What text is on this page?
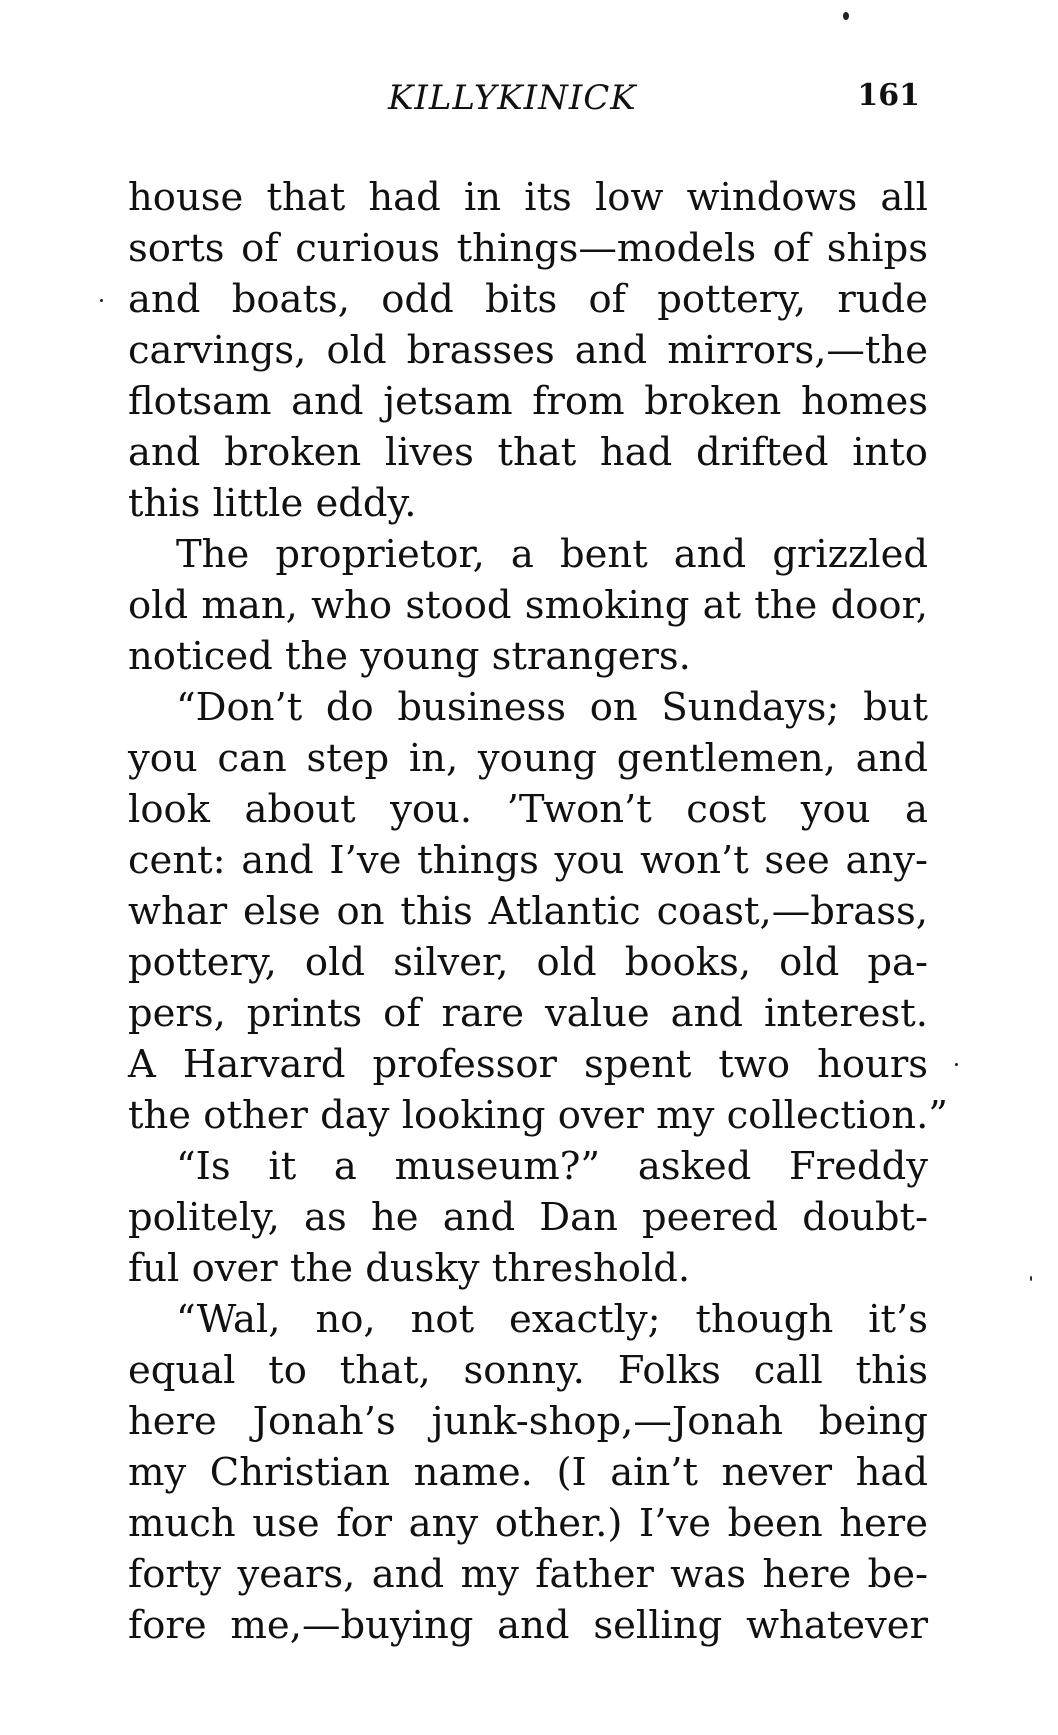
KILLYKINICK	161
house that had in its low windows all
sorts of curious things—models of ships
and boats, odd bits of pottery, rude
carvings, old brasses and mirrors,—the
flotsam and jetsam from broken homes
and broken lives that had drifted into
this little eddy.
The proprietor, a bent and grizzled
old man, who stood smoking at the door,
noticed the young strangers.
“Don’t do business on Sundays; but
you can step in, young gentlemen, and
look about you. ’Twon’t cost you a
cent: and I’ve things you won’t see any-
whar else on this Atlantic coast,—brass,
pottery, old silver, old books, old pa-
pers, prints of rare value and interest.
A Harvard professor spent two hours
the other day looking over my collection.”
“Is it a museum?” asked Freddy
politely, as he and Dan peered doubt-
ful over the dusky threshold.
“Wal, no, not exactly; though it’s
equal to that, sonny. Folks call this
here Jonah’s junk-shop,—Jonah being
my Christian name. (I ain’t never had
much use for any other.) I’ve been here
forty years, and my father was here be-
fore me,—buying and selling whatever
